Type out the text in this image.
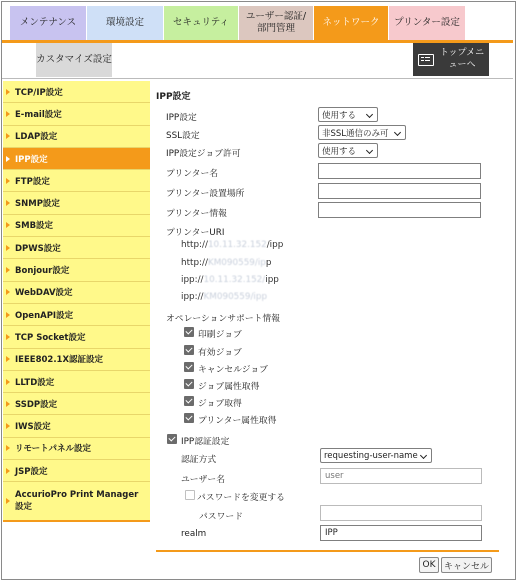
メンテナンス	環境設定	セキュリティ
ユーザー認証/部門管理
ネットワーク プリンター設定
カスタマイズ設定
トップメニューへ
TCP/IP設定
E-mail設定
LDAP設定
IPP設定
FTP設定
SNMP設定
SMB設定
DPWS設定
Bonjour設定
WebDAV設定
OpenAPI設定
TCP Socket設定
IEEE802.1X認証設定
LLTD設定
SSDP設定
IWS設定
リモートパネル設定
JSP設定
AccurioPro Print Manager設定
IPP設定
IPP設定	使用する
SSL設定	非SSL通信のみ可
IPP設定ジョブ許可	使用する
プリンター名
プリンター設置場所
プリンター情報
プリンターURI
http://10.11.32.152/ipp
http://KM090559/ipp
ipp://10.11.32.152/ipp
ipp://KM090559/ipp
オペレーションサポート情報
印刷ジョブ
有効ジョブ
キャンセルジョブ
ジョブ属性取得
ジョブ取得
プリンター属性取得
IPP認証設定
認証方式	requesting-user-name
ユーザー名	user
パスワードを変更する
パスワード
realm	IPP
OK キャンセル
